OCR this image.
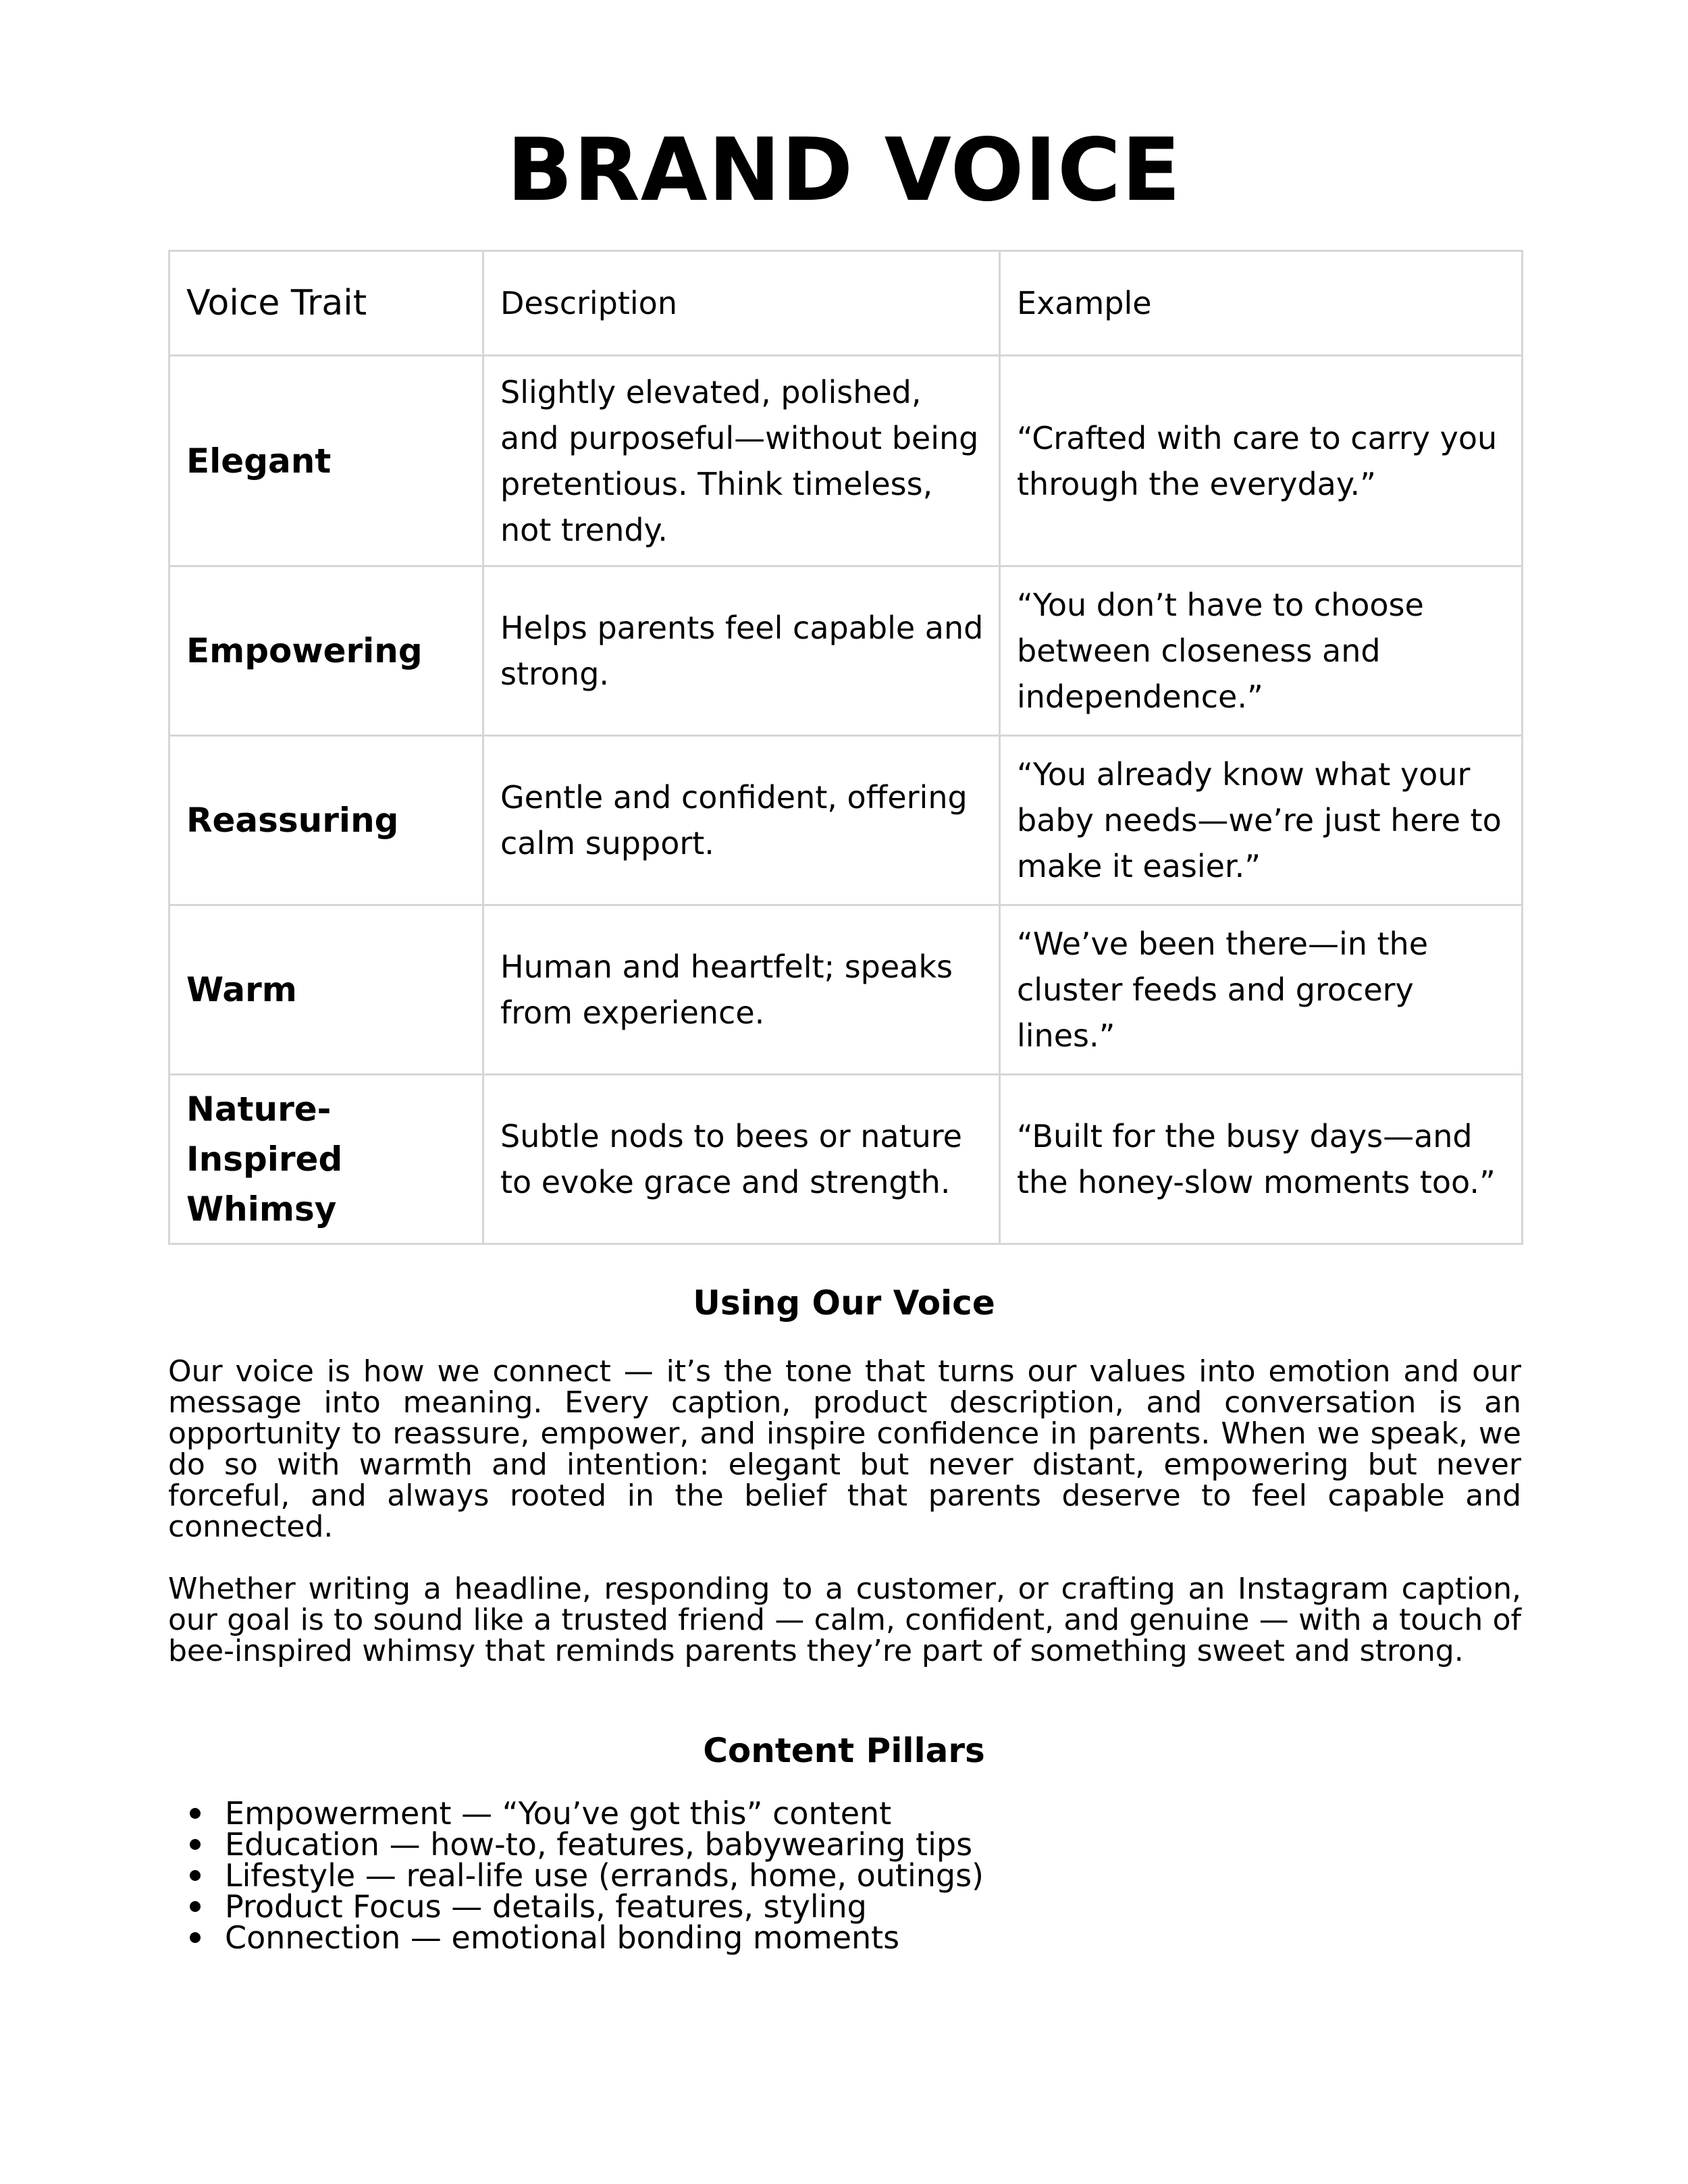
BRAND VOICE
Voice Trait	Description	Example
Elegant	Slightly elevated, polished, and purposeful—without being pretentious. Think timeless, not trendy.	“Crafted with care to carry you through the everyday.”
Empowering	Helps parents feel capable and strong.	“You don’t have to choose between closeness and independence.”
Reassuring	Gentle and confident, offering calm support.	“You already know what your baby needs—we’re just here to make it easier.”
Warm	Human and heartfelt; speaks from experience.	“We’ve been there—in the cluster feeds and grocery lines.”
Nature-Inspired Whimsy	Subtle nods to bees or nature to evoke grace and strength.	“Built for the busy days—and the honey-slow moments too.”
Using Our Voice

Our voice is how we connect — it’s the tone that turns our values into emotion and our message into meaning. Every caption, product description, and conversation is an opportunity to reassure, empower, and inspire confidence in parents. When we speak, we do so with warmth and intention: elegant but never distant, empowering but never forceful, and always rooted in the belief that parents deserve to feel capable and connected.

Whether writing a headline, responding to a customer, or crafting an Instagram caption, our goal is to sound like a trusted friend — calm, confident, and genuine — with a touch of bee-inspired whimsy that reminds parents they’re part of something sweet and strong.

Content Pillars
Empowerment — “You’ve got this” content
Education — how-to, features, babywearing tips
Lifestyle — real-life use (errands, home, outings)
Product Focus — details, features, styling
Connection — emotional bonding moments
